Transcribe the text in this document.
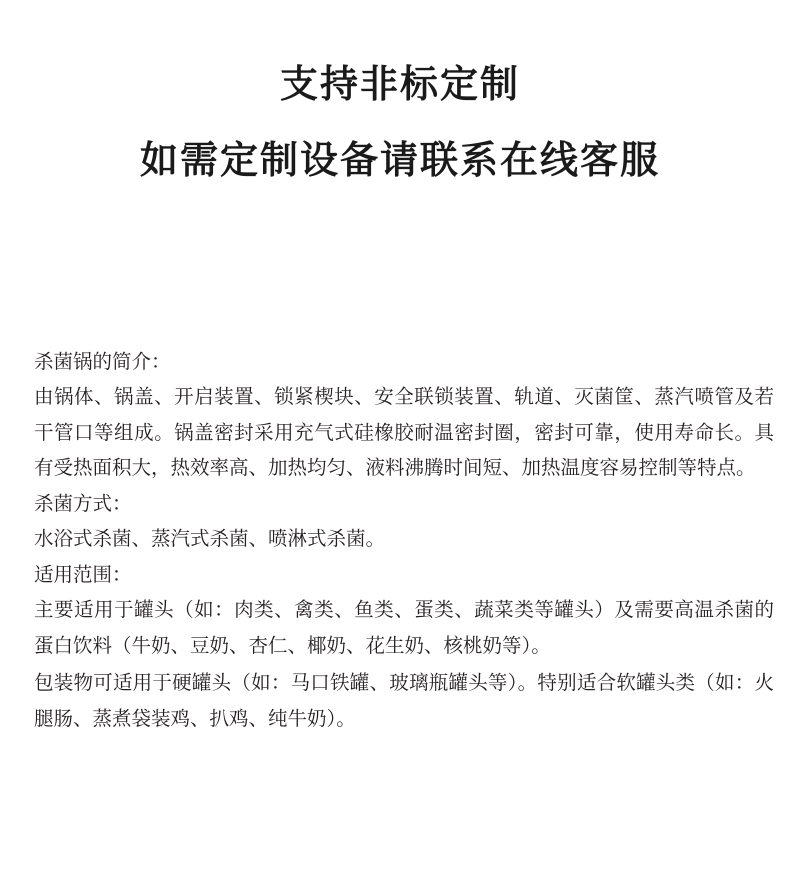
支持非标定制
如需定制设备请联系在线客服
杀菌锅的简介：

由锅体、锅盖、开启装置、锁紧楔块、安全联锁装置、轨道、灭菌筐、蒸汽喷管及若干管口等组成。锅盖密封采用充气式硅橡胶耐温密封圈，密封可靠，使用寿命长。具有受热面积大，热效率高、加热均匀、液料沸腾时间短、加热温度容易控制等特点。

杀菌方式：

水浴式杀菌、蒸汽式杀菌、喷淋式杀菌。

适用范围：

主要适用于罐头（如：肉类、禽类、鱼类、蛋类、蔬菜类等罐头）及需要高温杀菌的蛋白饮料（牛奶、豆奶、杏仁、椰奶、花生奶、核桃奶等）。

包装物可适用于硬罐头（如：马口铁罐、玻璃瓶罐头等）。特别适合软罐头类（如：火腿肠、蒸煮袋装鸡、扒鸡、纯牛奶）。
